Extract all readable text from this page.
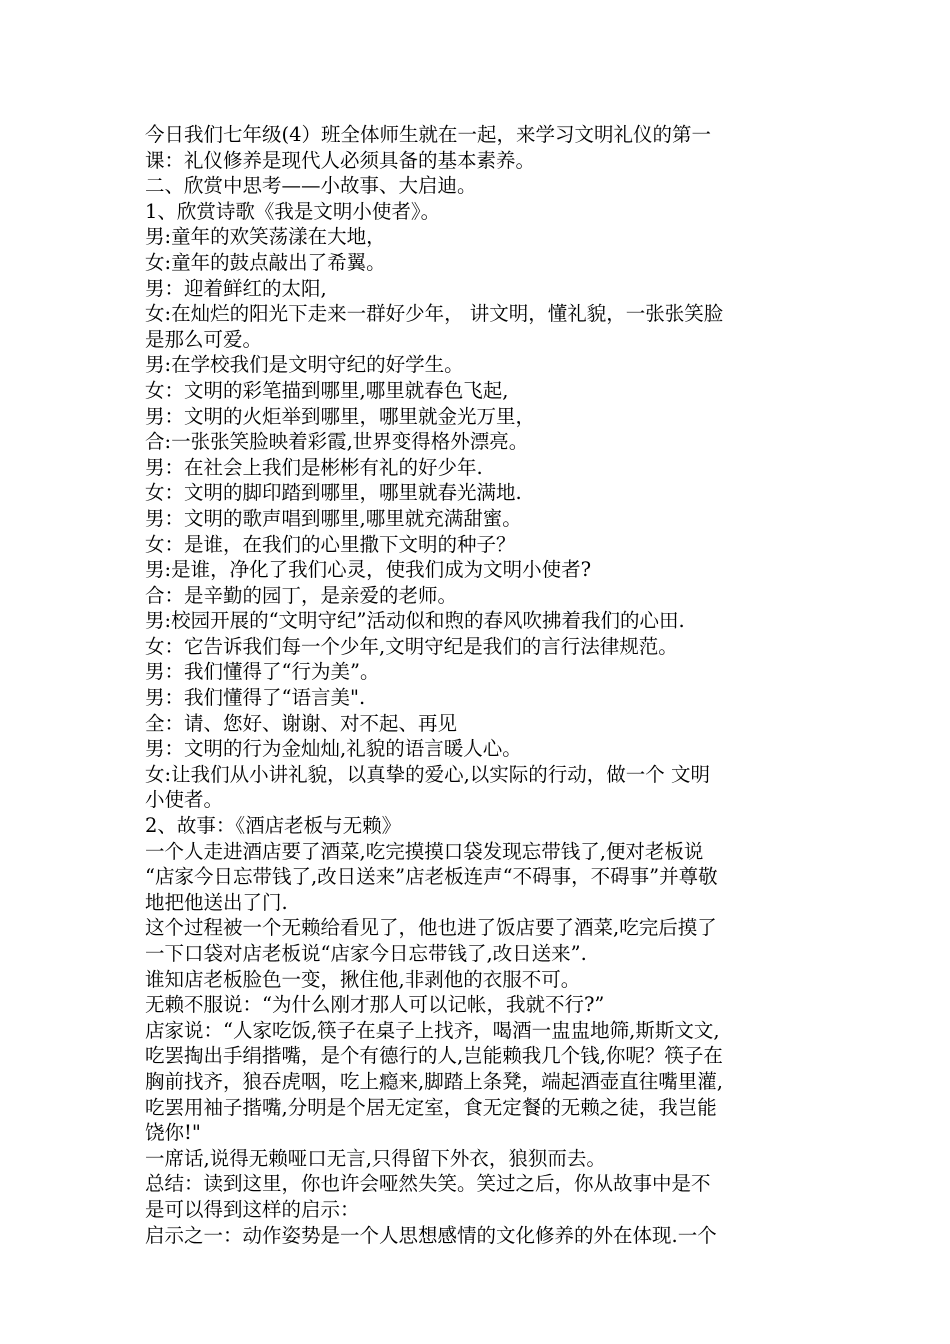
今日我们七年级(4）班全体师生就在一起，来学习文明礼仪的第一

课：礼仪修养是现代人必须具备的基本素养。

二、欣赏中思考——小故事、大启迪。

1、欣赏诗歌《我是文明小使者》。

男:童年的欢笑荡漾在大地，

女:童年的鼓点敲出了希翼。

男：迎着鲜红的太阳,

女:在灿烂的阳光下走来一群好少年， 讲文明，懂礼貌，一张张笑脸

是那么可爱。

男:在学校我们是文明守纪的好学生。

女：文明的彩笔描到哪里,哪里就春色飞起,

男：文明的火炬举到哪里，哪里就金光万里，

合:一张张笑脸映着彩霞,世界变得格外漂亮。

男：在社会上我们是彬彬有礼的好少年.

女：文明的脚印踏到哪里，哪里就春光满地.

男：文明的歌声唱到哪里,哪里就充满甜蜜。

女：是谁，在我们的心里撒下文明的种子？

男:是谁，净化了我们心灵，使我们成为文明小使者?

合：是辛勤的园丁，是亲爱的老师。

男:校园开展的“文明守纪”活动似和煦的春风吹拂着我们的心田.

女：它告诉我们每一个少年,文明守纪是我们的言行法律规范。

男：我们懂得了“行为美”。

男：我们懂得了“语言美".

全：请、您好、谢谢、对不起、再见

男：文明的行为金灿灿,礼貌的语言暖人心。

女:让我们从小讲礼貌，以真挚的爱心,以实际的行动，做一个 文明

小使者。

2、故事：《酒店老板与无赖》

一个人走进酒店要了酒菜,吃完摸摸口袋发现忘带钱了,便对老板说

“店家今日忘带钱了,改日送来”店老板连声“不碍事，不碍事”并尊敬

地把他送出了门.

这个过程被一个无赖给看见了，他也进了饭店要了酒菜,吃完后摸了

一下口袋对店老板说“店家今日忘带钱了,改日送来”.

谁知店老板脸色一变，揪住他,非剥他的衣服不可。

无赖不服说：“为什么刚才那人可以记帐，我就不行?”

店家说：“人家吃饭,筷子在桌子上找齐，喝酒一盅盅地筛,斯斯文文,

吃罢掏出手绢揩嘴，是个有德行的人,岂能赖我几个钱,你呢？筷子在

胸前找齐，狼吞虎咽，吃上瘾来,脚踏上条凳，端起酒壶直往嘴里灌,

吃罢用袖子揩嘴,分明是个居无定室，食无定餐的无赖之徒，我岂能

饶你!"

一席话,说得无赖哑口无言,只得留下外衣，狼狈而去。

总结：读到这里，你也许会哑然失笑。笑过之后，你从故事中是不

是可以得到这样的启示：

启示之一：动作姿势是一个人思想感情的文化修养的外在体现.一个
